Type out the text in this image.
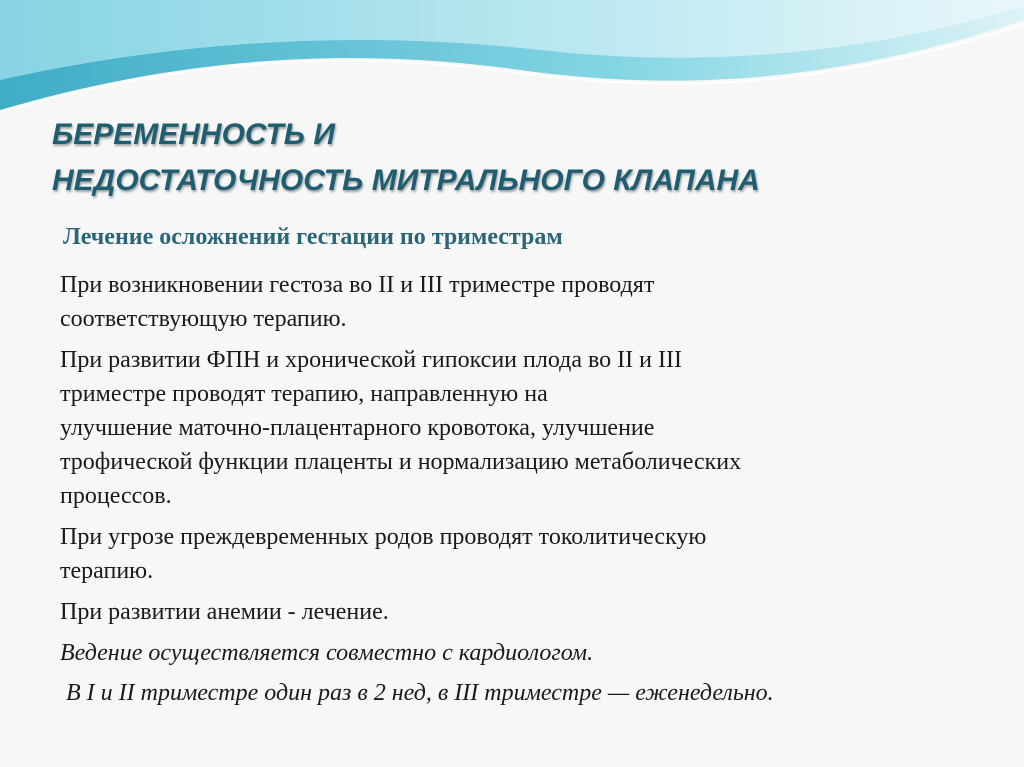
БЕРЕМЕННОСТЬ И
НЕДОСТАТОЧНОСТЬ МИТРАЛЬНОГО КЛАПАНА
Лечение осложнений гестации по триместрам

При возникновении гестоза во II и III триместре проводят
соответствующую терапию.

При развитии ФПН и хронической гипоксии плода во II и III
триместре проводят терапию, направленную на
улучшение маточно-плацентарного кровотока, улучшение
трофической функции плаценты и нормализацию метаболических
процессов.

При угрозе преждевременных родов проводят токолитическую
терапию.

При развитии анемии - лечение.

Ведение осуществляется совместно с кардиологом.

В I и II триместре один раз в 2 нед, в III триместре — еженедельно.
